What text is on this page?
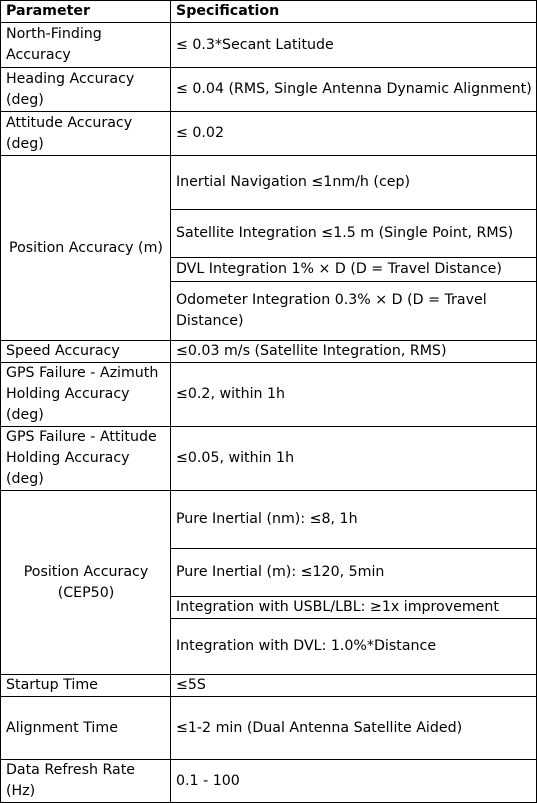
Parameter	Specification
North-Finding Accuracy	≤ 0.3*Secant Latitude
Heading Accuracy (deg)	≤ 0.04 (RMS, Single Antenna Dynamic Alignment)
Attitude Accuracy (deg)	≤ 0.02
Position Accuracy (m)	Inertial Navigation ≤1nm/h (cep)
	Satellite Integration ≤1.5 m (Single Point, RMS)
	DVL Integration 1% × D (D = Travel Distance)
	Odometer Integration 0.3% × D (D = Travel Distance)
Speed Accuracy	≤0.03 m/s (Satellite Integration, RMS)
GPS Failure - Azimuth Holding Accuracy (deg)	≤0.2, within 1h
GPS Failure - Attitude Holding Accuracy (deg)	≤0.05, within 1h
Position Accuracy (CEP50)	Pure Inertial (nm): ≤8, 1h
	Pure Inertial (m): ≤120, 5min
	Integration with USBL/LBL: ≥1x improvement
	Integration with DVL: 1.0%*Distance
Startup Time	≤5S
Alignment Time	≤1-2 min (Dual Antenna Satellite Aided)
Data Refresh Rate (Hz)	0.1 - 100
